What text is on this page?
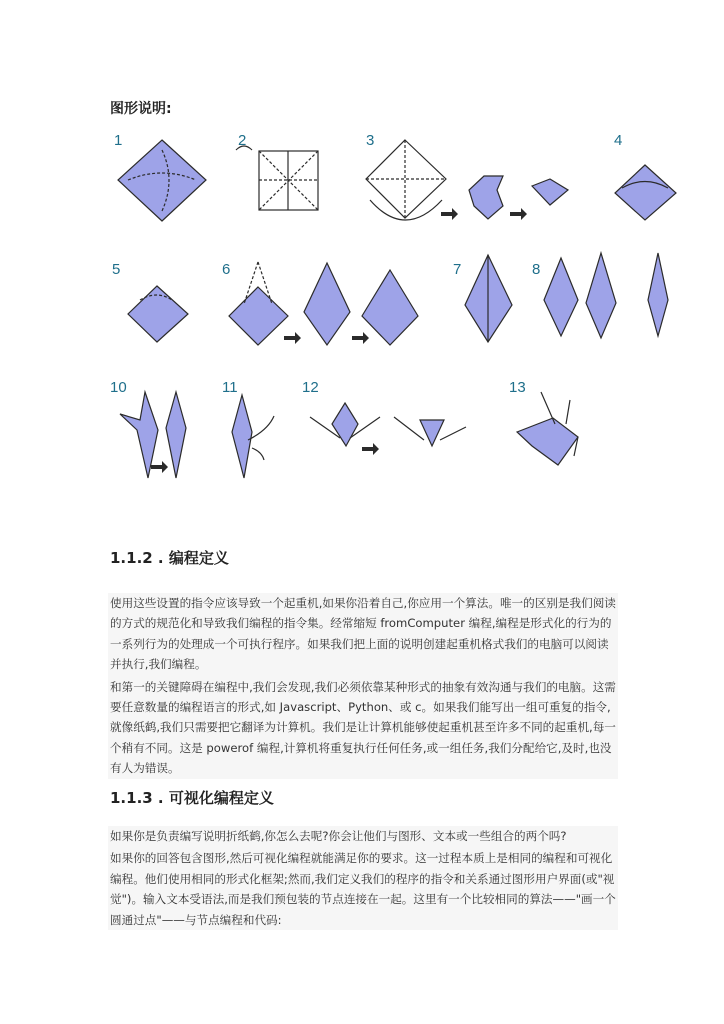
图形说明:
1	2	3	4
5	6	7	8
10	11	12	13
1.1.2 . 编程定义

使用这些设置的指令应该导致一个起重机,如果你沿着自己,你应用一个算法。唯一的区别是我们阅读的方式的规范化和导致我们编程的指令集。经常缩短 fromComputer 编程,编程是形式化的行为的一系列行为的处理成一个可执行程序。如果我们把上面的说明创建起重机格式我们的电脑可以阅读并执行,我们编程。

和第一的关键障碍在编程中,我们会发现,我们必须依靠某种形式的抽象有效沟通与我们的电脑。这需要任意数量的编程语言的形式,如 Javascript、Python、或 c。如果我们能写出一组可重复的指令,就像纸鹤,我们只需要把它翻译为计算机。我们是让计算机能够使起重机甚至许多不同的起重机,每一个稍有不同。这是 powerof 编程,计算机将重复执行任何任务,或一组任务,我们分配给它,及时,也没有人为错误。

1.1.3 . 可视化编程定义

如果你是负责编写说明折纸鹤,你怎么去呢?你会让他们与图形、文本或一些组合的两个吗?

如果你的回答包含图形,然后可视化编程就能满足你的要求。这一过程本质上是相同的编程和可视化编程。他们使用相同的形式化框架;然而,我们定义我们的程序的指令和关系通过图形用户界面(或"视觉")。输入文本受语法,而是我们预包装的节点连接在一起。这里有一个比较相同的算法——"画一个圆通过点"——与节点编程和代码:
